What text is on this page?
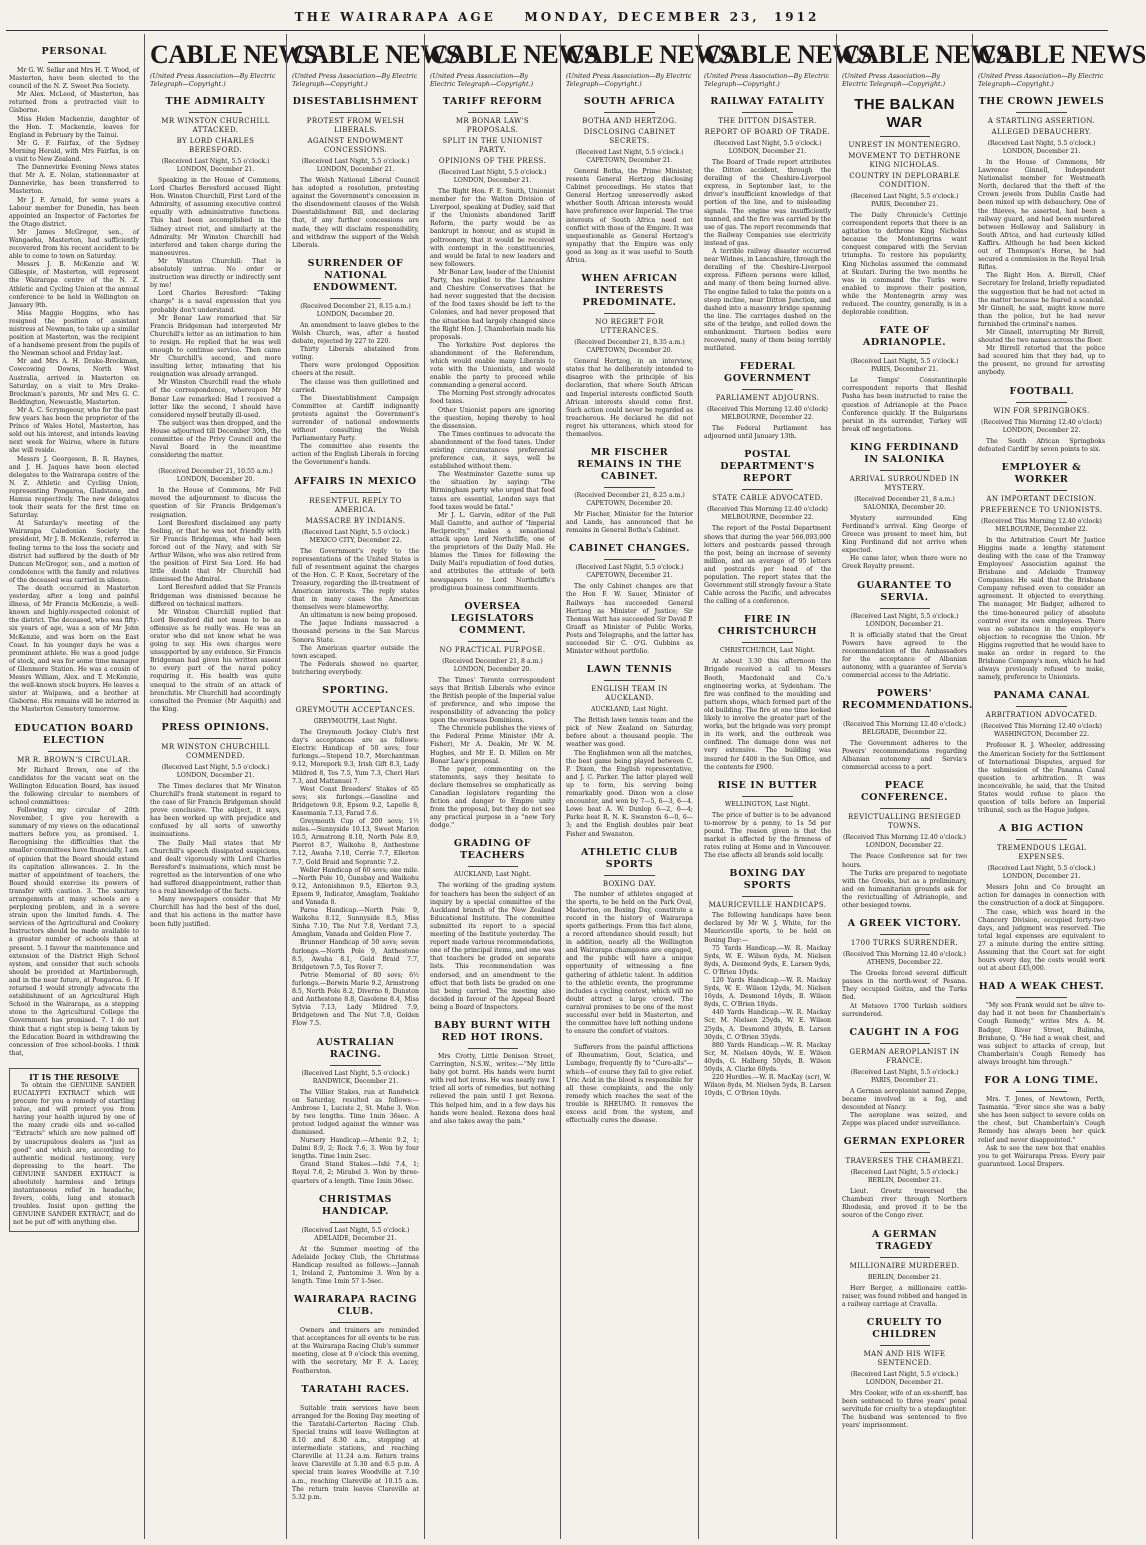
THE WAIRARAPA AGE MONDAY, DECEMBER 23, 1912
PERSONAL

Mr G. W. Sellar and Mrs H. T. Wood, of Masterton, have been elected to the council of the N. Z. Sweet Pea Society.

Mr Alex. McLeod, of Masterton, has returned from a protracted visit to Gisborne.

Miss Helen Mackenzie, daughter of the Hon. T. Mackenzie, leaves for England in February by the Tainui.

Mr G. F. Fairfax, of the Sydney Morning Herald, with Mrs Fairfax, is on a visit to New Zealand.

The Dannevirke Evening News states that Mr A. E. Nolan, stationmaster at Dannevirke, has been transferred to Masterton.

Mr J. F. Arnold, for some years a Labour member for Dunedin, has been appointed an Inspector of Factories for the Otago district.

Mr James McGregor, sen., of Wangaehu, Masterton, had sufficiently recovered from his recent accident to be able to come to town on Saturday.

Messrs J. B. McKenzie and W. Gillespie, of Masterton, will represent the Wairarapa centre of the N. Z. Athletic and Cycling Union at the annual conference to be held in Wellington on January 9th.

Miss Maggie Hoggins, who has resigned the position of assistant mistress at Newman, to take up a similar position at Masterton, was the recipient of a handsome present from the pupils of the Newman school and Friday last.

Mr and Mrs A. H. Drake-Brockman, Cowcowing Downs, North West Australia, arrived in Masterton on Saturday, on a visit to Mrs Drake-Brockman's parents, Mr and Mrs G. C. Beddington, Newcastle, Masterton.

Mr A. C. Scrymgeour, who for the past few years has been the proprietor of the Prince of Wales Hotel, Masterton, has sold out his interest, and intends leaving next week for Wairoa, where in future she will reside.

Messrs J. Georgeson, B. R. Haynes, and J. H. Jaques have been elected delegates to the Wairarapa centre of the N. Z. Athletic and Cycling Union, representing Pongaroa, Gladstone, and Hamua respectively. The new delegates took their seats for the first time on Saturday.

At Saturday's meeting of the Wairarapa Caledonian Society the president, Mr J. B. McKenzie, referred in feeling terms to the loss the society and district had suffered by the death of Mr Duncan McGregor, sen., and a motion of condolence with the family and relatives of the deceased was carried in silence.

The death occurred in Masterton yesterday, after a long and painful illness, of Mr Francis McKenzie, a well-known and highly-respected colonist of the district. The deceased, who was fifty-six years of age, was a son of Mr John McKenzie, and was born on the East Coast. In his younger days he was a prominent athlete. He was a good judge of stock, and was for some time manager of Glenmore Station. He was a cousin of Messrs William, Alex. and T. McKenzie, the well-known stock buyers. He leaves a sister at Waipawa, and a brother at Gisborne. His remains will be interred in the Masterton Cemetery tomorrow.

EDUCATION BOARD ELECTION
MR R. BROWN'S CIRCULAR.

Mr Richard Brown, one of the candidates for the vacant seat on the Wellington Education Board, has issued the following circular to members of school committees:

Following my circular of 20th November, I give you herewith a summary of my views on the educational matters before you, as promised. 1. Recognising the difficulties that the smaller committees have financially, I am of opinion that the Board should extend its capitation allowances. 2. In the matter of appointment of teachers, the Board should exercise its powers of transfer with caution. 3. The sanitary arrangements at many schools are a perplexing problem, and in a severe strain upon the limited funds. 4. The services of the Agricultural and Cookery Instructors should be made available to a greater number of schools than at present. 5. I favour the maintenance and extension of the District High School system, and consider that such schools should be provided at Martinborough, and in the near future, at Pongaroa. 6. If returned I would strongly advocate the establishment of an Agricultural High School in the Wairarapa, as a stepping stone to the Agricultural College the Government has promised. 7. I do not think that a right step is being taken by the Education Board in withdrawing the concession of free school-books. I think that,

IT IS THE RESOLVE

To obtain the GENUINE SANDER EUCALYPTI EXTRACT which will procure for you a remedy of startling value, and will protect you from having your health injured by one of the many crude oils and so-called "Extracts" which are now palmed off by unscrupulous dealers as "just as good" and which are, according to authentic medical testimony, very depressing to the heart. The GENUINE SANDER EXTRACT is absolutely harmless and brings instantaneous relief in headache, fevers, colds, lung and stomach troubles. Insist upon getting the GENUINE SANDER EXTRACT, and do not be put off with anything else.

CABLE NEWS
(United Press Association—By Electric Telegraph—Copyright.)
THE ADMIRALTY
MR WINSTON CHURCHILL ATTACKED.
BY LORD CHARLES BERESFORD.
(Received Last Night, 5.5 o'clock.) LONDON, December 21.

Speaking in the House of Commons, Lord Charles Beresford accused Right Hon. Winston Churchill, First Lord of the Admiralty, of assuming executive control equally with administrative functions. This had been accomplished in the Sidney street riot, and similarly at the Admiralty. Mr Winston Churchill had interfered and taken charge during the manoeuvres.

Mr Winston Churchill: That is absolutely untrue. No order or instruction was directly or indirectly sent by me!

Lord Charles Beresford: "Taking charge" is a naval expression that you probably don't understand.

Mr Bonar Law remarked that Sir Francis Bridgeman had interpreted Mr Churchill's letter as an intimation to him to resign. He replied that he was well enough to continue service. Then came Mr Churchill's second, and more insulting letter, intimating that his resignation was already arranged.

Mr Winston Churchill read the whole of the correspondence, whereupon Mr Bonar Law remarked: Had I received a letter like the second, I should have considered myself brutally ill-used.

The subject was then dropped, and the House adjourned till December 30th, the committee of the Privy Council and the Naval Board in the meantime considering the matter.

(Received December 21, 10.55 a.m.) LONDON, December 20.

In the House of Commons, Mr Fell moved the adjournment to discuss the question of Sir Francis Bridgeman's resignation.

Lord Beresford disclaimed any party feeling, or that he was not friendly with Sir Francis Bridgeman, who had been forced out of the Navy, and with Sir Arthur Wilson, who was also retired from the position of First Sea Lord. He had little doubt that Mr Churchill had dismissed the Admiral.

Lord Beresford added that Sir Francis Bridgeman was dismissed because he differed on technical matters.

Mr Winston Churchill replied that Lord Beresford did not mean to be as offensive as he really was. He was an orator who did not know what he was going to say. His own charges were unsupported by any evidence. Sir Francis Bridgeman had given his written assent to every part of the naval policy requiring it. His health was quite unequal to the strain of an attack of bronchitis. Mr Churchill had accordingly consulted the Premier (Mr Asquith) and the King.

PRESS OPINIONS.
MR WINSTON CHURCHILL COMMENDED.
(Received Last Night, 5.5 o'clock.) LONDON, December 21.

The Times declares that Mr Winston Churchill's frank statement in regard to the case of Sir Francis Bridgeman should prove conclusive. The subject, it says, has been worked up with prejudice and confused by all sorts of unworthy insinuations.

The Daily Mail states that Mr Churchill's speech dissipated suspicions, and dealt vigorously with Lord Charles Beresford's insinuations, which must be regretted as the intervention of one who had suffered disappointment, rather than to a real knowledge of the facts.

Many newspapers consider that Mr Churchill has had the best of the duel, and that his actions in the matter have been fully justified.

CABLE NEWS
(United Press Association—By Electric Telegraph—Copyright.)
DISESTABLISHMENT
PROTEST FROM WELSH LIBERALS.
AGAINST ENDOWMENT CONCESSIONS.
(Received Last Night, 5.5 o'clock.) LONDON, December 21.

The Welsh National Liberal Council has adopted a resolution, protesting against the Government's concession in the disendowment clauses of the Welsh Disestablishment Bill, and declaring that, if any further concessions are made, they will disclaim responsibility, and withdraw the support of the Welsh Liberals.

SURRENDER OF NATIONAL ENDOWMENT.
(Received December 21, 8.15 a.m.) LONDON, December 20.

An amendment to leave glebes to the Welsh Church, was, after a heated debate, rejected by 227 to 220.

Thirty Liberals abstained from voting.

There were prolonged Opposition cheers at the result.

The clause was then guillotined and carried.

The Disestablishment Campaign Committee at Cardiff indignantly protests against the Government's surrender of national endowments without consulting the Welsh Parliamentary Party.

The committee also resents the action of the English Liberals in forcing the Government's hands.

AFFAIRS IN MEXICO
RESENTFUL REPLY TO AMERICA.
MASSACRE BY INDIANS.
(Received Last Night, 5.5 o'clock.) MEXICO CITY, December 22.

The Government's reply to the representations of the United States is full of resentment against the charges of the Hon. C. P. Knox, Secretary of the Treasury, regarding the ill-treatment of American interests. The reply states that in many cases the American themselves were blameworthy.

An ultimatum is now being proposed.

The Jaque Indians massacred a thousand persons in the San Marcus Sonora State.

The American quarter outside the town escaped.

The Federals showed no quarter, butchering everybody.

SPORTING.
GREYMOUTH ACCEPTANCES.
GREYMOUTH, Last Night.

The Greymouth Jockey Club's first day's acceptances are as follows: Electric Handicap of 50 sovs; four furlongs.—Stepend 10.7, Merchantman 9.12, Morepork 9.3, Irish Gift 8.3, Lady Mildred 8, Tes 7.5, Yum 7.3, Cheri Hari 7.3, and Mattanuei 7.

West Coast Breeders' Stakes of 65 sovs; six furlongs.—Gasoline and Bridgetown 9.8, Epsom 9.2, Lapelle 8, Kasemania 7.13, Farad 7.6.

Greymouth Cup of 200 sovs; 1½ miles.—Sunnyside 10.13, Sweet Marion 10.5, Armstrong 8.10, North Pole 8.9, Pierrot 8.7, Waikohu 8, Anthestone 7.12, Awaha 7.10, Cerrie 7.7, Ellerton 7.7, Gold Braid and Soprantic 7.2.

Weller Handicap of 60 sovs; one mile.—North Pole 10, Gunsbay and Waikohu 9.12, Antonishmon 9.5, Ellerton 9.3, Epsom 9, Indicator, Amaglam, Teakiaho and Vanada 8.

Paroa Handicap.—North Pole 9, Waikohu 8.12, Sunnyside 8.5, Miss Sinha 7.10, The Nut 7.8, Verdant 7.3, Amaglam, Vanada and Golden Flow 7.

Brunner Handicap of 50 sovs; seven furlongs.—North Pole 9, Anthestone 8.5, Awaha 8.1, Gold Braid 7.7, Bridgetown 7.5, Tes Rover 7.

Petrie Memorial of 80 sovs; 6½ furlongs.—Berwin Marie 9.2, Armstrong 8.5, North Pole 8.2, Diverno 8, Dunston and Anthestone 8.8, Gasolene 8.4, Miss Sylvia 7.13, Lady Mildred 7.9, Bridgetown and The Nut 7.8, Golden Flow 7.5.

AUSTRALIAN RACING.
(Received Last Night, 5.5 o'clock.) RANDWICK, December 21.

The Villier Stakes, run at Randwick on Saturday, resulted as follows:—Ambrose 1, Luciste 2, St. Mahe 3. Won by two lengths. Time 1min 36sec. A protest lodged against the winner was dismissed.

Nursery Handicap.—Athenic 9.2, 1; Dalmi 8.9, 2; Rock 7.6, 3. Won by four lengths. Time 1min 2sec.

Grand Stand Stakes.—Ishi 7.4, 1; Royal 7.6, 2; Mirabel 3. Won by three-quarters of a length. Time 1min 36sec.

CHRISTMAS HANDICAP.
(Received Last Night, 5.5 o'clock.) ADELAIDE, December 21.

At the Summer meeting of the Adelaide Jockey Club, the Christmas Handicap resulted as follows:—Jannah 1, Ireland 2, Pantomime 3. Won by a length. Time 1min 57 1-5sec.

WAIRARAPA RACING CLUB.

Owners and trainers are reminded that acceptances for all events to be run at the Wairarapa Racing Club's summer meeting, close at 9 o'clock this evening, with the secretary, Mr F. A. Lacey, Featherston.

TARATAHI RACES.

Suitable train services have been arranged for the Boxing Day meeting of the Taratahi-Carterton Racing Club. Special trains will leave Wellington at 8.10 and 8.30 a.m., stopping at intermediate stations, and reaching Clareville at 11.24 a.m. Return trains leave Clareville at 5.30 and 6.5 p.m. A special train leaves Woodville at 7.10 a.m., reaching Clareville at 10.15 a.m. The return train leaves Clareville at 5.32 p.m.

CABLE NEWS
(United Press Association—By Electric Telegraph—Copyright.)
TARIFF REFORM
MR BONAR LAW'S PROPOSALS.
SPLIT IN THE UNIONIST PARTY.
OPINIONS OF THE PRESS.
(Received Last Night, 5.5 o'clock.) LONDON, December 21.

The Right Hon. F. E. Smith, Unionist member for the Walton Division of Liverpool, speaking at Dudley, said that if the Unionists abandoned Tariff Reform, the party would be as bankrupt in honour, and as stupid in poltroonery, that it would be received with contempt in the constituencies, and would be fatal to new leaders and new followers.

Mr Bonar Law, leader of the Unionist Party, has replied to the Lancashire and Cheshire Conservatives that he had never suggested that the decision of the food taxes should be left to the Colonies, and had never proposed that the situation had largely changed since the Right Hon. J. Chamberlain made his proposals.

The Yorkshire Post deplores the abandonment of the Referendum, which would enable many Liberals to vote with the Unionists, and would enable the party to proceed while commanding a general accord.

The Morning Post strongly advocates food taxes.

Other Unionist papers are ignoring the question, hoping thereby to heal the dissension.

The Times continues to advocate the abandonment of the food taxes. Under existing circumstances preferential preference can, it says, well be established without them.

The Westminster Gazette sums up the situation by saying: "The Birmingham party who urged that food taxes are essential, London says that food taxes would be fatal."

Mr J. L. Garvin, editor of the Pall Mall Gazette, and author of "Imperial Reciprocity," makes a sensational attack upon Lord Northcliffe, one of the proprietors of the Daily Mail. He blames the Times for following the Daily Mail's repudiation of food duties, and attributes the attitude of both newspapers to Lord Northcliffe's prodigious business commitments.

OVERSEA LEGISLATORS COMMENT.
NO PRACTICAL PURPOSE.
(Received December 21, 8 a.m.) LONDON, December 20.

The Times' Toronto correspondent says that British Liberals who evince the British people of the Imperial value of preference, and who impose the responsibility of advancing the policy upon the overseas Dominions.

The Chronicle publishes the views of the Federal Prime Minister (Mr A. Fisher), Mr A. Deakin, Mr W. M. Hughes, and Mr E. D. Millen on Mr Bonar Law's proposal.

The paper, commenting on the statements, says they hesitate to declare themselves so emphatically as Canadian legislators regarding the fiction and danger to Empire unity from the proposal, but they do not see any practical purpose in a "new Tory dodge."

GRADING OF TEACHERS
AUCKLAND, Last Night.

The working of the grading system for teachers has been the subject of an inquiry by a special committee of the Auckland branch of the New Zealand Educational Institute. The committee submitted its report to a special meeting of the Institute yesterday. The report made various recommendations, one of the principal items, and one was that teachers be graded on separate lists. This recommendation was endorsed, and an amendment to the effect that both lists be graded on one list being carried. The meeting also decided in favour of the Appeal Board being a Board of Inspectors.

BABY BURNT WITH RED HOT IRONS.

Mrs Crotty, Little Denison Street, Carrington, N.S.W., writes:—"My little baby got burnt. His hands were burnt with red hot irons. He was nearly raw. I tried all sorts of remedies, but nothing relieved the pain until I got Rexona. This helped him, and in a few days his hands were healed. Rexona does heal and also takes away the pain."

CABLE NEWS
(United Press Association—By Electric Telegraph—Copyright.)
SOUTH AFRICA
BOTHA AND HERTZOG.
DISCLOSING CABINET SECRETS.
(Received Last Night, 5.5 o'clock.) CAPETOWN, December 21.

General Botha, the Prime Minister, resents General Hertzog disclosing Cabinet proceedings. He states that General Hertzog unreservedly asked whether South African interests would have preference over Imperial. The true interests of South Africa need not conflict with those of the Empire. It was unquestionable as General Hertzog's sympathy that the Empire was only good as long as it was useful to South Africa.

WHEN AFRICAN INTERESTS PREDOMINATE.
NO REGRET FOR UTTERANCES.
(Received December 21, 8.35 a.m.) CAPETOWN, December 20.

General Hertzog, in an interview, states that he deliberately intended to disagree with the principle of his declaration, that where South African and Imperial interests conflicted South African interests should come first. Such action could never be regarded as treacherous. He declared he did not regret his utterances, which stood for themselves.

MR FISCHER REMAINS IN THE CABINET.
(Received December 21, 8.25 a.m.) CAPETOWN, December 20.

Mr Fischer, Minister for the Interior and Lands, has announced that he remains in General Botha's Cabinet.

CABINET CHANGES.
(Received Last Night, 5.5 o'clock.) CAPETOWN, December 21.

The only Cabinet changes are that the Hon F. W. Sauer, Minister of Railways has succeeded General Hertzog as Minister of Justice; Sir Thomas Watt has succeeded Sir David P. Graaff as Minister of Public Works, Posts and Telegraphs, and the latter has succeeded Sir C. O'G. Gubbins as Minister without portfolio.

LAWN TENNIS
ENGLISH TEAM IN AUCKLAND.
AUCKLAND, Last Night.

The British lawn tennis team and the pick of New Zealand on Saturday, before about a thousand people. The weather was good.

The Englishmen won all the matches, the best game being played between C. P. Dixon, the English representative, and J. C. Parker. The latter played well up to form, his serving being remarkably good. Dixon won a close encounter, and won by 7—5, 6—3, 6—4. Lowe beat A. W. Dunlop 6—2, 6—4; Parke beat R. N. K. Swanston 6—0, 6—3; and the English doubles pair beat Fisher and Swanston.

ATHLETIC CLUB SPORTS
BOXING DAY.

The number of athletes engaged at the sports, to be held on the Park Oval, Masterton, on Boxing Day, constitute a record in the history of Wairarapa sports gatherings. From this fact alone, a record attendance should result; but in addition, nearly all the Wellington and Wairarapa champions are engaged, and the public will have a unique opportunity of witnessing a fine gathering of athletic talent. In addition to the athletic events, the programme includes a cycling contest, which will no doubt attract a large crowd. The carnival promises to be one of the most successful ever held in Masterton, and the committee have left nothing undone to ensure the comfort of visitors.

Sufferers from the painful afflictions of Rheumatism, Gout, Sciatica, and Lumbago, frequently fly to "Cure-alls"—which—of course they fail to give relief. Uric Acid in the blood is responsible for all these complaints, and the only remedy which reaches the seat of the trouble is RHEUMO. It removes the excess acid from the system, and effectually cures the disease.

CABLE NEWS
(United Press Association—By Electric Telegraph—Copyright.)
RAILWAY FATALITY
THE DITTON DISASTER.
REPORT OF BOARD OF TRADE.
(Received Last Night, 5.5 o'clock.) LONDON, December 21.

The Board of Trade report attributes the Ditton accident, through the derailing of the Cheshire-Liverpool express, in September last, to the driver's insufficient knowledge of that portion of the line, and to misleading signals. The engine was insufficiently manned, and the fire was carried by the use of gas. The report recommends that the Railway Companies use electricity instead of gas.

A terrible railway disaster occurred near Widnes, in Lancashire, through the derailing of the Cheshire-Liverpool express. Fifteen persons were killed, and many of them being burned alive. The engine failed to take the points on a steep incline, near Ditton Junction, and dashed into a masonry bridge spanning the line. The carriages dashed on the site of the bridge, and rolled down the embankment. Thirteen bodies were recovered, many of them being terribly mutilated.

FEDERAL GOVERNMENT
PARLIAMENT ADJOURNS.
(Received This Morning 12.40 o'clock) MELBOURNE, December 22.

The Federal Parliament has adjourned until January 13th.

POSTAL DEPARTMENT'S REPORT
STATE CABLE ADVOCATED.
(Received This Morning 12.40 o'clock) MELBOURNE, December 22.

The report of the Postal Department shows that during the year 566,093,000 letters and postcards passed through the post, being an increase of seventy million, and an average of 95 letters and postcards per head of the population. The report states that the Government still strongly favour a State Cable across the Pacific, and advocates the calling of a conference.

FIRE IN CHRISTCHURCH
CHRISTCHURCH, Last Night.

At about 3.30 this afternoon the Brigade received a call to Messrs Booth, Macdonald and Co.'s engineering works, at Sydenham. The fire was confined to the moulding and pattern shops, which formed part of the old building. The fire at one time looked likely to involve the greater part of the works, but the brigade was very prompt in its work, and the outbreak was confined. The damage done was not very extensive. The building was insured for £400 in the Sun Office, and the contents for £900.

RISE IN BUTTER
WELLINGTON, Last Night.

The price of butter is to be advanced to-morrow by a penny, to 1s 5d per pound. The reason given is that the market is affected by the firmness of rates ruling at Home and in Vancouver. The rise affects all brands sold locally.

BOXING DAY SPORTS
MAURICEVILLE HANDICAPS.

The following handicaps have been declared by Mr W. J. White, for the Mauriceville sports, to be held on Boxing Day:—

75 Yards Handicap.—W. R. Mackay Syds, W. E. Wilson 6yds, M. Nielsen 8yds, A. Desmond 9yds, E. Larsen 9yds, C. O'Brien 10yds.

120 Yards Handicap.—W. R. Mackay Syds, W. E. Wilson 12yds, M. Nielsen 16yds, A. Desmond 16yds, B. Wilson 8yds, C. O'Brien 18yds.

440 Yards Handicap.—W. R. Mackay Scr, M. Nielsen 25yds, W. E. Wilson 25yds, A. Desmond 30yds, B. Larsen 30yds, C. O'Brien 35yds.

880 Yards Handicap.—W. R. Mackay Scr, M. Nielsen 40yds, W. E. Wilson 40yds, G. Halberg 50yds, B. Wilson 50yds, A. Clarke 60yds.

220 Hurdles.—W. R. MacKay (scr), W. Wilson 8yds, M. Nielsen 5yds, B. Larsen 10yds, C. O'Brien 10yds.

CABLE NEWS
(United Press Association—By Electric Telegraph—Copyright.)
THE BALKAN WAR
UNREST IN MONTENEGRO.
MOVEMENT TO DETHRONE KING NICHOLAS.
COUNTRY IN DEPLORABLE CONDITION.
(Received Last Night, 5.5 o'clock.) PARIS, December 21.

The Daily Chronicle's Cettinje correspondent reports that there is an agitation to dethrone King Nicholas because the Montenegrins want conquest compared with the Servian triumphs. To restore his popularity, King Nicholas assumed the command at Skutari. During the two months he was in command the Turks were enabled to improve their position, while the Montenegrin army was reduced. The country, generally, is in a deplorable condition.

FATE OF ADRIANOPLE.
(Received Last Night, 5.5 o'clock.) PARIS, December 21.

Le Temps' Constantinople correspondent reports that Reshid Pasha has been instructed to raise the question of Adrianople at the Peace Conference quickly. If the Bulgarians persist in its surrender, Turkey will break off negotiations.

KING FERDINAND IN SALONIKA
ARRIVAL SURROUNDED IN MYSTERY.
(Received December 21, 8 a.m.) SALONIKA, December 20.

Mystery surrounded King Ferdinand's arrival. King George of Greece was present to meet him, but King Ferdinand did not arrive when expected.

He came later, when there were no Greek Royalty present.

GUARANTEE TO SERVIA.
(Received Last Night, 5.5 o'clock.) LONDON, December 21.

It is officially stated that the Great Powers have agreed to the recommendation of the Ambassadors for the acceptance of Albanian autonomy, with a guarantee of Servia's commercial access to the Adriatic.

POWERS' RECOMMENDATIONS.
(Received This Morning 12.40 o'clock.) BELGRADE, December 22.

The Government adheres to the Powers' recommendations regarding Albanian autonomy and Servia's commercial access to a port.

PEACE CONFERENCE.
REVICTUALLING BESIEGED TOWNS.
(Received This Morning 12.40 o'clock.) LONDON, December 22.

The Peace Conference sat for two hours.

The Turks are prepared to negotiate with the Greeks, but as a preliminary, and on humanitarian grounds ask for the revictualling of Adrianople, and other besieged towns.

A GREEK VICTORY.
1700 TURKS SURRENDER.
(Received This Morning 12.40 o'clock.) ATHENS, December 22.

The Greeks forced several difficult passes in the north-west of Pesana. They occupied Goitza, and the Turks fled.

At Metsovo 1700 Turkish soldiers surrendered.

CAUGHT IN A FOG
GERMAN AEROPLANIST IN FRANCE.
(Received Last Night, 5.5 o'clock.) PARIS, December 21.

A German aeroplanist named Zeppe, became involved in a fog, and descended at Nancy.

The aeroplane was seized, and Zeppe was placed under surveillance.

GERMAN EXPLORER
TRAVERSES THE CHAMBEZI.
(Received Last Night, 5.5 o'clock.) BERLIN, December 21.

Lieut. Groetz traversed the Chambezi river through Northern Rhodesia, and proved it to be the source of the Congo river.

A GERMAN TRAGEDY
MILLIONAIRE MURDERED.
BERLIN, December 21.

Herr Berger, a millionaire cattle-raiser, was found robbed and hanged in a railway carriage at Cravalla.

CRUELTY TO CHILDREN
MAN AND HIS WIFE SENTENCED.
(Received Last Night, 5.5 o'clock.) LONDON, December 21.

Mrs Cooker, wife of an ex-sheriff, has been sentenced to three years' penal servitude for cruelty to a stepdaughter. The husband was sentenced to five years' imprisonment.

CABLE NEWS
(United Press Association—By Electric Telegraph—Copyright.)
THE CROWN JEWELS
A STARTLING ASSERTION.
ALLEGED DEBAUCHERY.
(Received Last Night, 5.5 o'clock.) LONDON, December 21.

In the House of Commons, Mr Lawrence Ginnell, Independent Nationalist member for Westmeath North, declared that the theft of the Crown jewels from Dublin Castle had been mixed up with debauchery. One of the thieves, he asserted, had been a railway guard, and had been murdered between Holloway and Salisbury in South Africa, and had curiously killed Kaffirs. Although he had been kicked out of Thompson's Horse, he had secured a commission in the Royal Irish Rifles.

The Right Hon. A. Birrell, Chief Secretary for Ireland, briefly repudiated the suggestion that he had not acted in the matter because he feared a scandal. Mr Ginnell, he said, might know more than the police, but he had never furnished the criminal's names.

Mr Ginnell, interrupting Mr Birrell, shouted the two names across the floor.

Mr Birrell retorted that the police had scoured him that they had, up to the present, no ground for arresting anybody.

FOOTBALL
WIN FOR SPRINGBOKS.
(Received This Morning 12.40 o'clock) LONDON, December 22.

The South African Springboks defeated Cardiff by seven points to six.

EMPLOYER & WORKER
AN IMPORTANT DECISION.
PREFERENCE TO UNIONISTS.
(Received This Morning 12.40 o'clock) MELBOURNE, December 22.

In the Arbitration Court Mr Justice Higgins made a lengthy statement dealing with the case of the Tramway Employees' Association against the Brisbane and Adelaide Tramway Companies. He said that the Brisbane Company refused even to consider an agreement. It objected to everything. The manager, Mr Badger, adhered to the time-honoured policy of absolute control over its own employees. There was no substance in the employer's objection to recognise the Union. Mr Higgins regretted that he would have to make an order in regard to the Brisbane Company's men, which he had always previously refused to make, namely, preference to Unionists.

PANAMA CANAL
ARBITRATION ADVOCATED.
(Received This Morning 12.40 o'clock) WASHINGTON, December 22.

Professor R. J. Wheeler, addressing the American Society for the Settlement of International Disputes, argued for the submission of the Panama Canal question to arbitration. It was inconceivable, he said, that the United States would refuse to place the question of tolls before an Imperial tribunal, such as the Hague judges.

A BIG ACTION
TREMENDOUS LEGAL EXPENSES.
(Received Last Night, 5.5 o'clock.) LONDON, December 21.

Messrs John and Co brought an action for damages in connection with the construction of a dock at Singapore.

The case, which was heard in the Chancery Division, occupied forty-two days, and judgment was reserved. The total legal expenses are equivalent to 27 a minute during the entire sitting. Assuming that the Court sat for eight hours every day, the costs would work out at about £45,000.

HAD A WEAK CHEST.

"My son Frank would not be alive to-day had it not been for Chamberlain's Cough Remedy," writes Mrs A. M. Badger, River Street, Bulimba, Brisbane, Q. "He had a weak chest, and was subject to attacks of croup, but Chamberlain's Cough Remedy has always brought him through."

FOR A LONG TIME.

Mrs. T. Jones, of Newtown, Perth, Tasmania. "Ever since she was a baby she has been subject to severe colds on the chest, but Chamberlain's Cough Remedy has always been her quick relief and never disappointed."

Ask to see the new box that enables you to get Wairarapa Press. Every pair guaranteed. Local Drapers.
